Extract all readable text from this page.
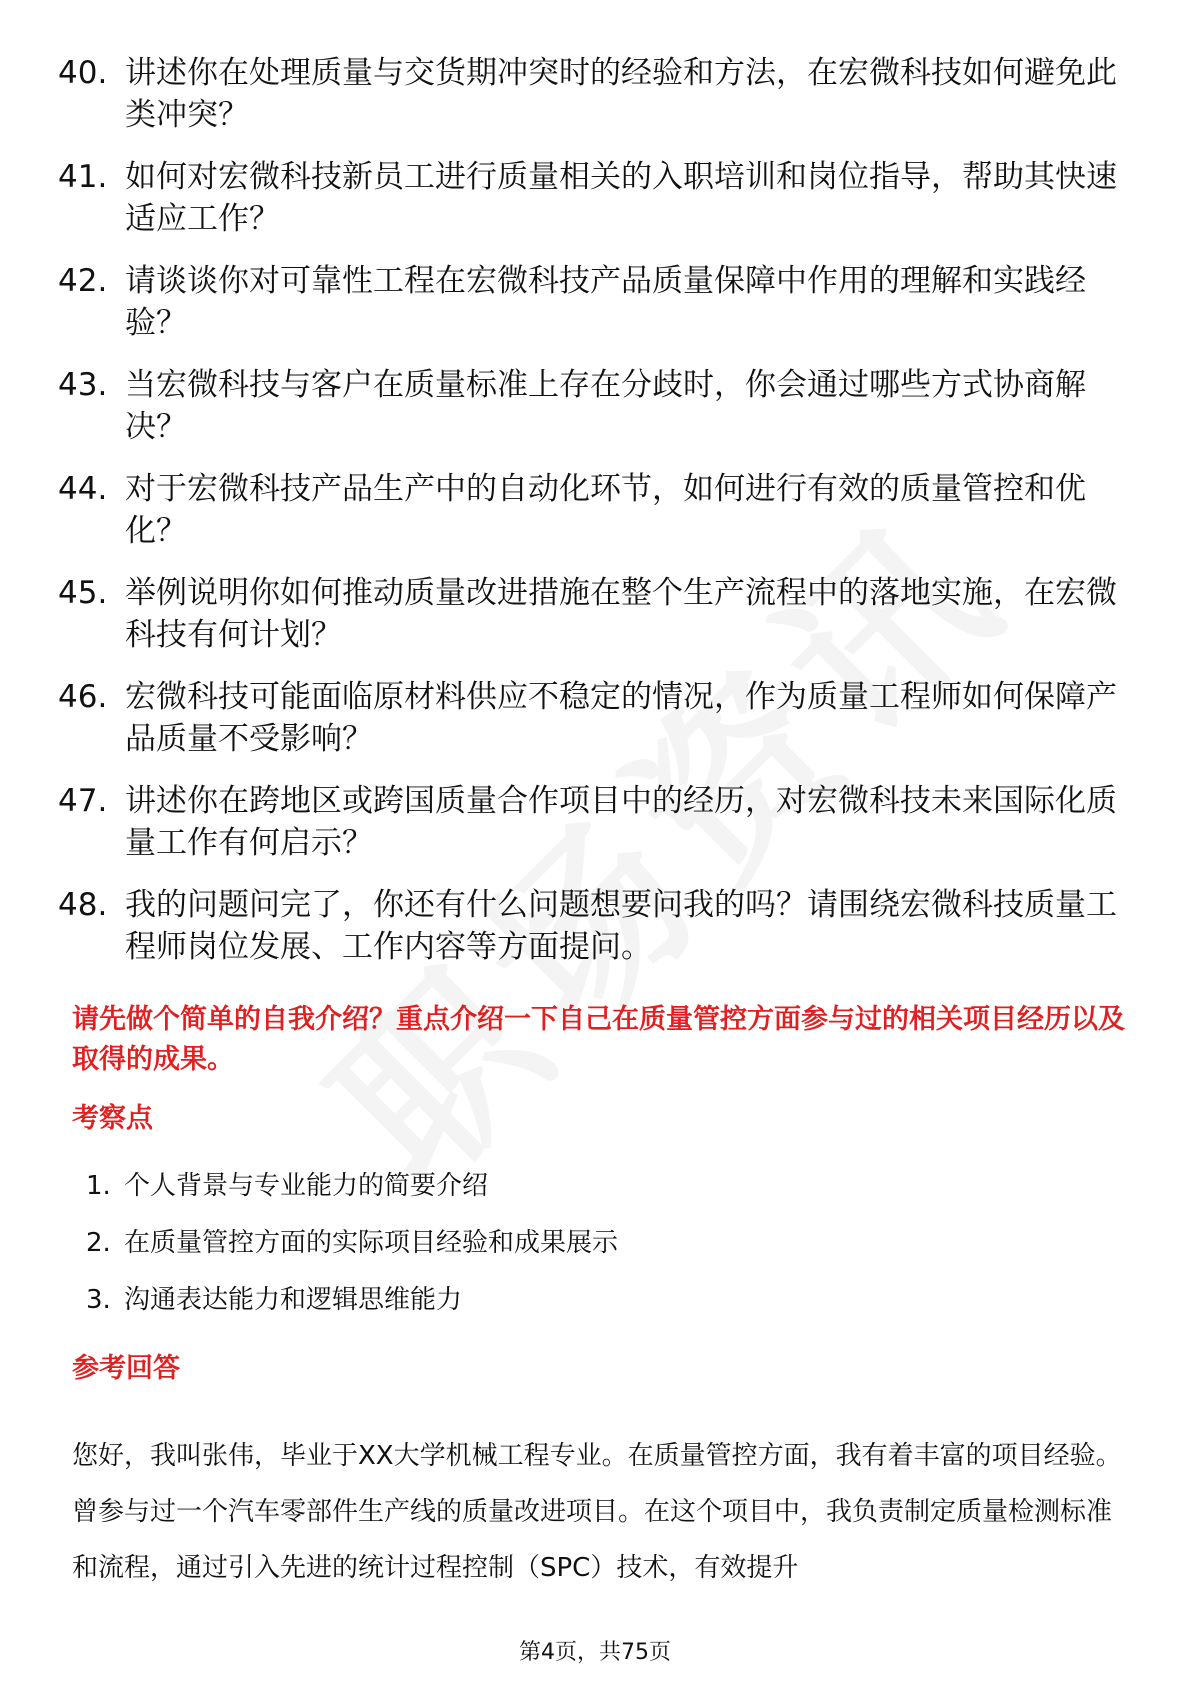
40. 讲述你在处理质量与交货期冲突时的经验和方法，在宏微科技如何避免此类冲突？
41. 如何对宏微科技新员工进行质量相关的入职培训和岗位指导，帮助其快速适应工作？
42. 请谈谈你对可靠性工程在宏微科技产品质量保障中作用的理解和实践经验？
43. 当宏微科技与客户在质量标准上存在分歧时，你会通过哪些方式协商解决？
44. 对于宏微科技产品生产中的自动化环节，如何进行有效的质量管控和优化？
45. 举例说明你如何推动质量改进措施在整个生产流程中的落地实施，在宏微科技有何计划？
46. 宏微科技可能面临原材料供应不稳定的情况，作为质量工程师如何保障产品质量不受影响？
47. 讲述你在跨地区或跨国质量合作项目中的经历，对宏微科技未来国际化质量工作有何启示？
48. 我的问题问完了，你还有什么问题想要问我的吗？请围绕宏微科技质量工程师岗位发展、工作内容等方面提问。
请先做个简单的自我介绍？重点介绍一下自己在质量管控方面参与过的相关项目经历以及取得的成果。
考察点
1. 个人背景与专业能力的简要介绍
2. 在质量管控方面的实际项目经验和成果展示
3. 沟通表达能力和逻辑思维能力
参考回答
您好，我叫张伟，毕业于XX大学机械工程专业。在质量管控方面，我有着丰富的项目经验。曾参与过一个汽车零部件生产线的质量改进项目。在这个项目中，我负责制定质量检测标准和流程，通过引入先进的统计过程控制（SPC）技术，有效提升
第4页，共75页
